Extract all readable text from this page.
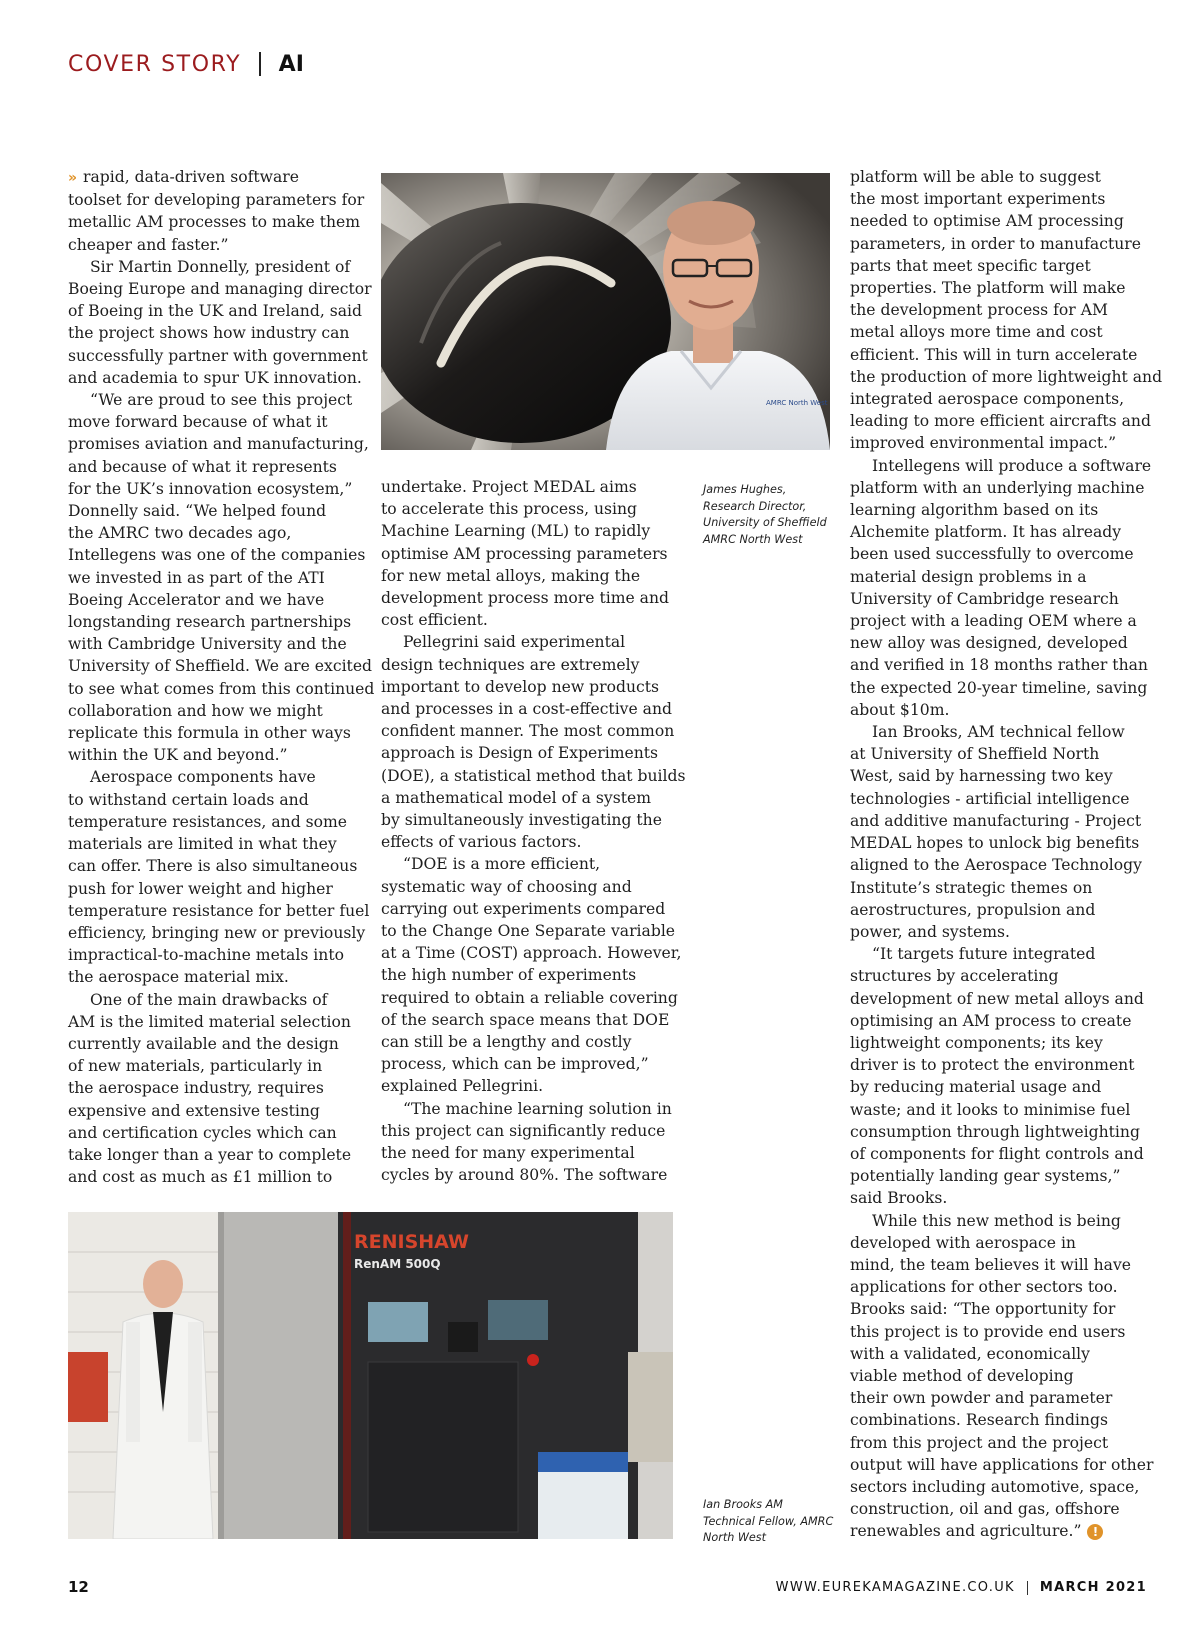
COVER STORY AI
» rapid, data-driven software
toolset for developing parameters for
metallic AM processes to make them
cheaper and faster.”
Sir Martin Donnelly, president of
Boeing Europe and managing director
of Boeing in the UK and Ireland, said
the project shows how industry can
successfully partner with government
and academia to spur UK innovation.
“We are proud to see this project
move forward because of what it
promises aviation and manufacturing,
and because of what it represents
for the UK’s innovation ecosystem,”
Donnelly said. “We helped found
the AMRC two decades ago,
Intellegens was one of the companies
we invested in as part of the ATI
Boeing Accelerator and we have
longstanding research partnerships
with Cambridge University and the
University of Sheffield. We are excited
to see what comes from this continued
collaboration and how we might
replicate this formula in other ways
within the UK and beyond.”
Aerospace components have
to withstand certain loads and
temperature resistances, and some
materials are limited in what they
can offer. There is also simultaneous
push for lower weight and higher
temperature resistance for better fuel
efficiency, bringing new or previously
impractical-to-machine metals into
the aerospace material mix.
One of the main drawbacks of
AM is the limited material selection
currently available and the design
of new materials, particularly in
the aerospace industry, requires
expensive and extensive testing
and certification cycles which can
take longer than a year to complete
and cost as much as £1 million to
AMRC North West
James Hughes,
Research Director,
University of Sheffield
AMRC North West
undertake. Project MEDAL aims
to accelerate this process, using
Machine Learning (ML) to rapidly
optimise AM processing parameters
for new metal alloys, making the
development process more time and
cost efficient.
Pellegrini said experimental
design techniques are extremely
important to develop new products
and processes in a cost-effective and
confident manner. The most common
approach is Design of Experiments
(DOE), a statistical method that builds
a mathematical model of a system
by simultaneously investigating the
effects of various factors.
“DOE is a more efficient,
systematic way of choosing and
carrying out experiments compared
to the Change One Separate variable
at a Time (COST) approach. However,
the high number of experiments
required to obtain a reliable covering
of the search space means that DOE
can still be a lengthy and costly
process, which can be improved,”
explained Pellegrini.
“The machine learning solution in
this project can significantly reduce
the need for many experimental
cycles by around 80%. The software
platform will be able to suggest
the most important experiments
needed to optimise AM processing
parameters, in order to manufacture
parts that meet specific target
properties. The platform will make
the development process for AM
metal alloys more time and cost
efficient. This will in turn accelerate
the production of more lightweight and
integrated aerospace components,
leading to more efficient aircrafts and
improved environmental impact.”
Intellegens will produce a software
platform with an underlying machine
learning algorithm based on its
Alchemite platform. It has already
been used successfully to overcome
material design problems in a
University of Cambridge research
project with a leading OEM where a
new alloy was designed, developed
and verified in 18 months rather than
the expected 20-year timeline, saving
about $10m.
Ian Brooks, AM technical fellow
at University of Sheffield North
West, said by harnessing two key
technologies - artificial intelligence
and additive manufacturing - Project
MEDAL hopes to unlock big benefits
aligned to the Aerospace Technology
Institute’s strategic themes on
aerostructures, propulsion and
power, and systems.
“It targets future integrated
structures by accelerating
development of new metal alloys and
optimising an AM process to create
lightweight components; its key
driver is to protect the environment
by reducing material usage and
waste; and it looks to minimise fuel
consumption through lightweighting
of components for flight controls and
potentially landing gear systems,”
said Brooks.
While this new method is being
developed with aerospace in
mind, the team believes it will have
applications for other sectors too.
Brooks said: “The opportunity for
this project is to provide end users
with a validated, economically
viable method of developing
their own powder and parameter
combinations. Research findings
from this project and the project
output will have applications for other
sectors including automotive, space,
construction, oil and gas, offshore
renewables and agriculture.” !
RENISHAW
RenAM 500Q
Ian Brooks AM
Technical Fellow, AMRC
North West
12	WWW.EUREKAMAGAZINE.CO.UK MARCH 2021
